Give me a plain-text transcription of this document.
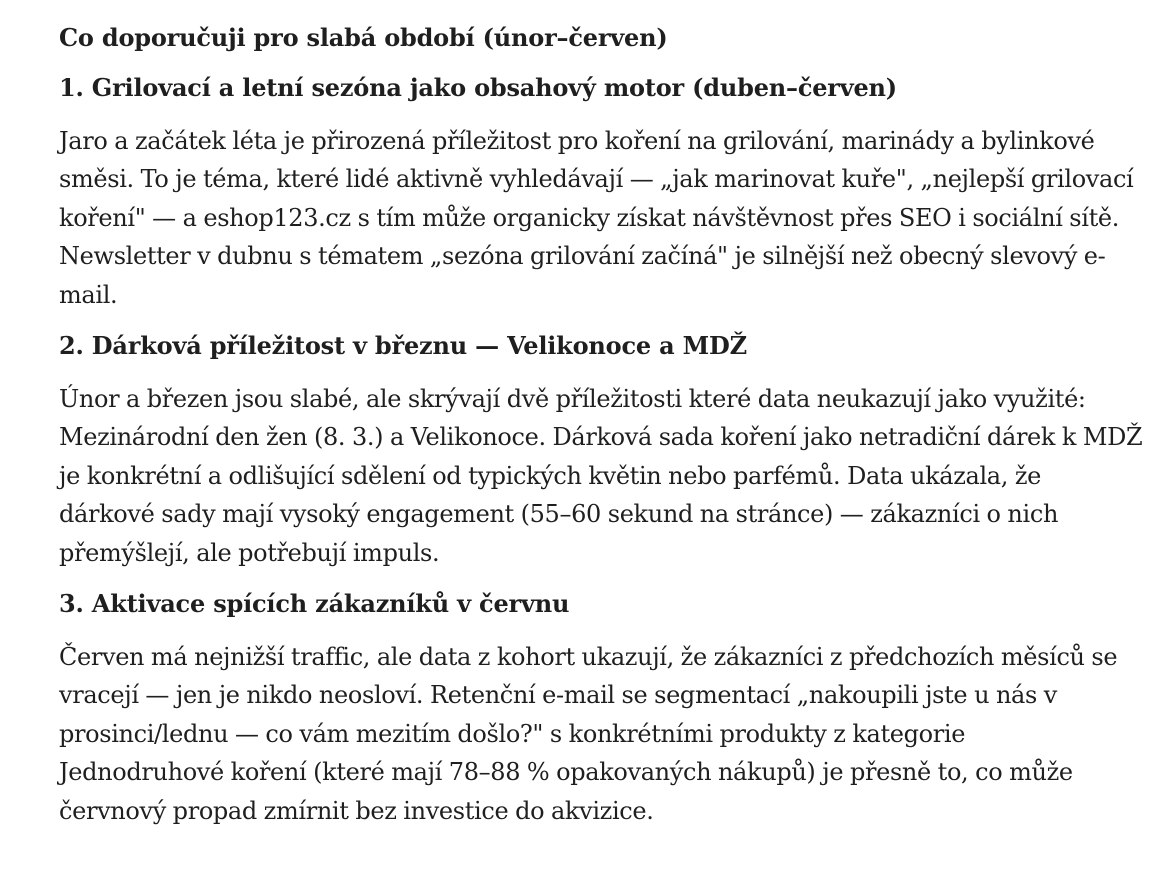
Co doporučuji pro slabá období (únor–červen)
1. Grilovací a letní sezóna jako obsahový motor (duben–červen)

Jaro a začátek léta je přirozená příležitost pro koření na grilování, marinády a bylinkové
směsi. To je téma, které lidé aktivně vyhledávají — „jak marinovat kuře", „nejlepší grilovací
koření" — a eshop123.cz s tím může organicky získat návštěvnost přes SEO i sociální sítě.
Newsletter v dubnu s tématem „sezóna grilování začíná" je silnější než obecný slevový e-
mail.

2. Dárková příležitost v březnu — Velikonoce a MDŽ

Únor a březen jsou slabé, ale skrývají dvě příležitosti které data neukazují jako využité:
Mezinárodní den žen (8. 3.) a Velikonoce. Dárková sada koření jako netradiční dárek k MDŽ
je konkrétní a odlišující sdělení od typických květin nebo parfémů. Data ukázala, že
dárkové sady mají vysoký engagement (55–60 sekund na stránce) — zákazníci o nich
přemýšlejí, ale potřebují impuls.

3. Aktivace spících zákazníků v červnu

Červen má nejnižší traffic, ale data z kohort ukazují, že zákazníci z předchozích měsíců se
vracejí — jen je nikdo neosloví. Retenční e-mail se segmentací „nakoupili jste u nás v
prosinci/lednu — co vám mezitím došlo?" s konkrétními produkty z kategorie
Jednodruhové koření (které mají 78–88 % opakovaných nákupů) je přesně to, co může
červnový propad zmírnit bez investice do akvizice.
